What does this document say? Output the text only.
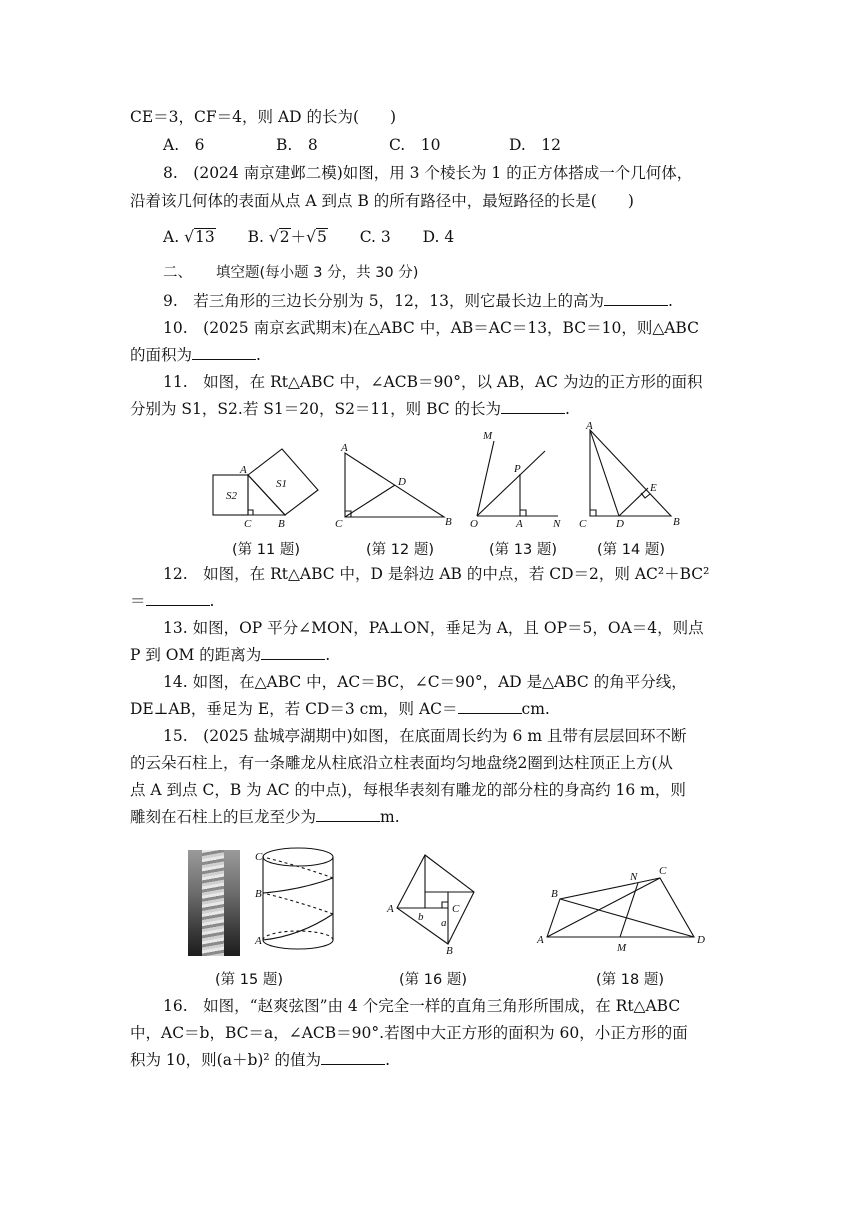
CE＝3，CF＝4，则 AD 的长为(　　)
A.　6	B.　8	C.　10	D.　12
8.　(2024 南京建邺二模)如图，用 3 个棱长为 1 的正方体搭成一个几何体，
沿着该几何体的表面从点 A 到点 B 的所有路径中，最短路径的长是(　　)
A. √13 B. √2＋√5 C. 3 D. 4
二、 填空题(每小题 3 分，共 30 分)
9.　若三角形的三边长分别为 5，12，13，则它最长边上的高为	.
10.　(2025 南京玄武期末)在△ABC 中，AB＝AC＝13，BC＝10，则△ABC
的面积为	.
11.　如图，在 Rt△ABC 中，∠ACB＝90°，以 AB，AC 为边的正方形的面积
分别为 S1，S2.若 S1＝20，S2＝11，则 BC 的长为	.
A
S1
S2
C B
A
D
C	B
M
P
O	A	N
A
E
C	D	B
(第 11 题)	(第 12 题)	(第 13 题)	(第 14 题)
12.　如图，在 Rt△ABC 中，D 是斜边 AB 的中点，若 CD＝2，则 AC²＋BC²
＝	.
13. 如图，OP 平分∠MON，PA⊥ON，垂足为 A，且 OP＝5，OA＝4，则点
P 到 OM 的距离为	.
14. 如图，在△ABC 中，AC＝BC，∠C＝90°，AD 是△ABC 的角平分线，
DE⊥AB，垂足为 E，若 CD＝3 cm，则 AC＝	cm.
15.　(2025 盐城亭湖期中)如图，在底面周长约为 6 m 且带有层层回环不断
的云朵石柱上，有一条雕龙从柱底沿立柱表面均匀地盘绕2圈到达柱顶正上方(从
点 A 到点 C，B 为 AC 的中点)，每根华表刻有雕龙的部分柱的身高约 16 m，则
雕刻在石柱上的巨龙至少为	m.
C
B
A
A
b a
C
B
B
N C
A
M
D
(第 15 题)	(第 16 题)	(第 18 题)
16.　如图，“赵爽弦图”由 4 个完全一样的直角三角形所围成，在 Rt△ABC
中，AC＝b，BC＝a，∠ACB＝90°.若图中大正方形的面积为 60，小正方形的面
积为 10，则(a＋b)² 的值为	.
